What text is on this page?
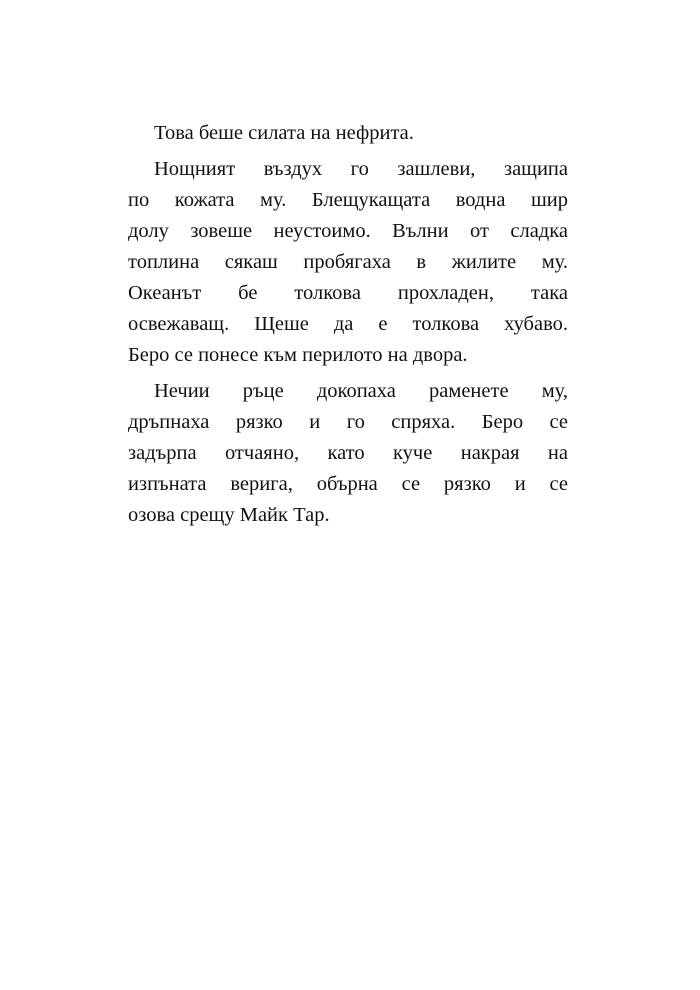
Това беше силата на нефрита.
Нощният въздух го зашлеви, защипа
по кожата му. Блещукащата водна шир
долу зовеше неустоимо. Вълни от сладка
топлина сякаш пробягаха в жилите му.
Океанът бе толкова прохладен, така
освежаващ. Щеше да е толкова хубаво.
Беро се понесе към перилото на двора.
Нечии ръце докопаха раменете му,
дръпнаха рязко и го спряха. Беро се
задърпа отчаяно, като куче накрая на
изпъната верига, обърна се рязко и се
озова срещу Майк Тар.
